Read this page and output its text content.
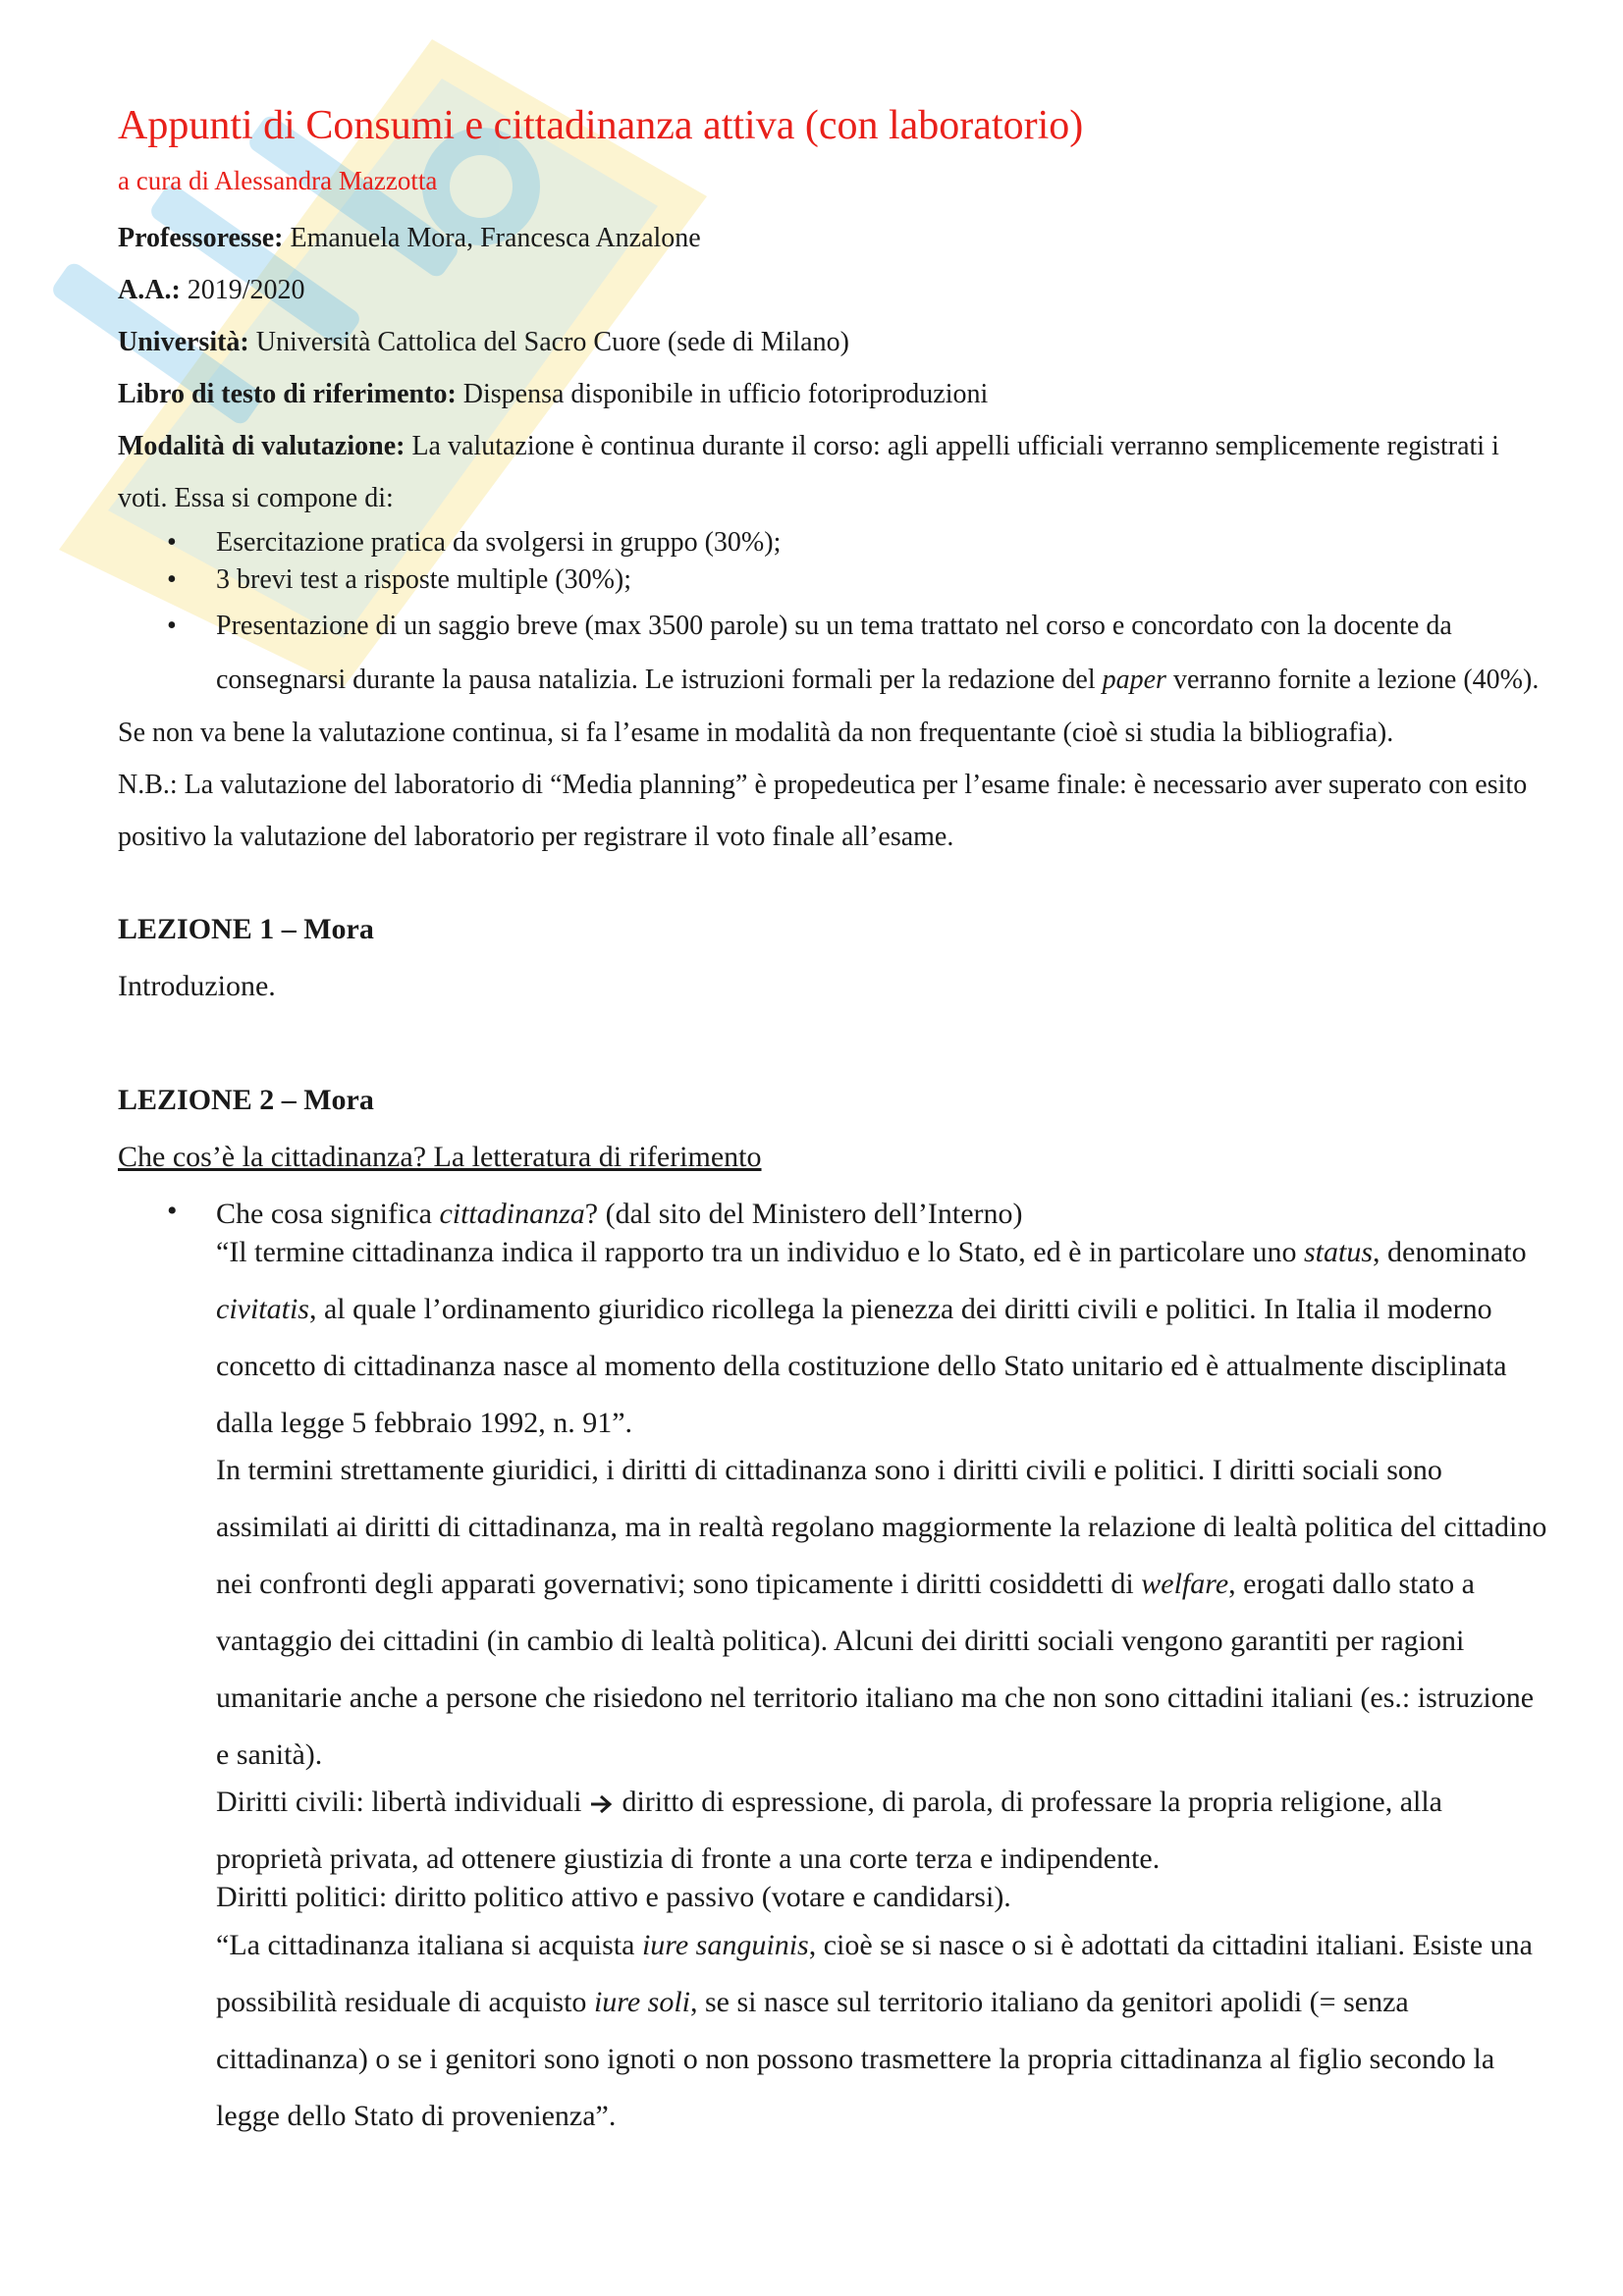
Appunti di Consumi e cittadinanza attiva (con laboratorio)
a cura di Alessandra Mazzotta

Professoresse: Emanuela Mora, Francesca Anzalone

A.A.: 2019/2020

Università: Università Cattolica del Sacro Cuore (sede di Milano)

Libro di testo di riferimento: Dispensa disponibile in ufficio fotoriproduzioni

Modalità di valutazione: La valutazione è continua durante il corso: agli appelli ufficiali verranno semplicemente registrati i voti. Essa si compone di:

• Esercitazione pratica da svolgersi in gruppo (30%);
• 3 brevi test a risposte multiple (30%);
• Presentazione di un saggio breve (max 3500 parole) su un tema trattato nel corso e concordato con la docente da consegnarsi durante la pausa natalizia. Le istruzioni formali per la redazione del paper verranno fornite a lezione (40%).

Se non va bene la valutazione continua, si fa l’esame in modalità da non frequentante (cioè si studia la bibliografia).

N.B.: La valutazione del laboratorio di “Media planning” è propedeutica per l’esame finale: è necessario aver superato con esito positivo la valutazione del laboratorio per registrare il voto finale all’esame.

LEZIONE 1 – Mora

Introduzione.

LEZIONE 2 – Mora

Che cos’è la cittadinanza? La letteratura di riferimento

• Che cosa significa cittadinanza? (dal sito del Ministero dell’Interno)
“Il termine cittadinanza indica il rapporto tra un individuo e lo Stato, ed è in particolare uno status, denominato civitatis, al quale l’ordinamento giuridico ricollega la pienezza dei diritti civili e politici. In Italia il moderno concetto di cittadinanza nasce al momento della costituzione dello Stato unitario ed è attualmente disciplinata dalla legge 5 febbraio 1992, n. 91”.
In termini strettamente giuridici, i diritti di cittadinanza sono i diritti civili e politici. I diritti sociali sono assimilati ai diritti di cittadinanza, ma in realtà regolano maggiormente la relazione di lealtà politica del cittadino nei confronti degli apparati governativi; sono tipicamente i diritti cosiddetti di welfare, erogati dallo stato a vantaggio dei cittadini (in cambio di lealtà politica). Alcuni dei diritti sociali vengono garantiti per ragioni umanitarie anche a persone che risiedono nel territorio italiano ma che non sono cittadini italiani (es.: istruzione e sanità).
Diritti civili: libertà individuali  diritto di espressione, di parola, di professare la propria religione, alla proprietà privata, ad ottenere giustizia di fronte a una corte terza e indipendente.
Diritti politici: diritto politico attivo e passivo (votare e candidarsi).
“La cittadinanza italiana si acquista iure sanguinis, cioè se si nasce o si è adottati da cittadini italiani. Esiste una possibilità residuale di acquisto iure soli, se si nasce sul territorio italiano da genitori apolidi (= senza cittadinanza) o se i genitori sono ignoti o non possono trasmettere la propria cittadinanza al figlio secondo la legge dello Stato di provenienza”.
